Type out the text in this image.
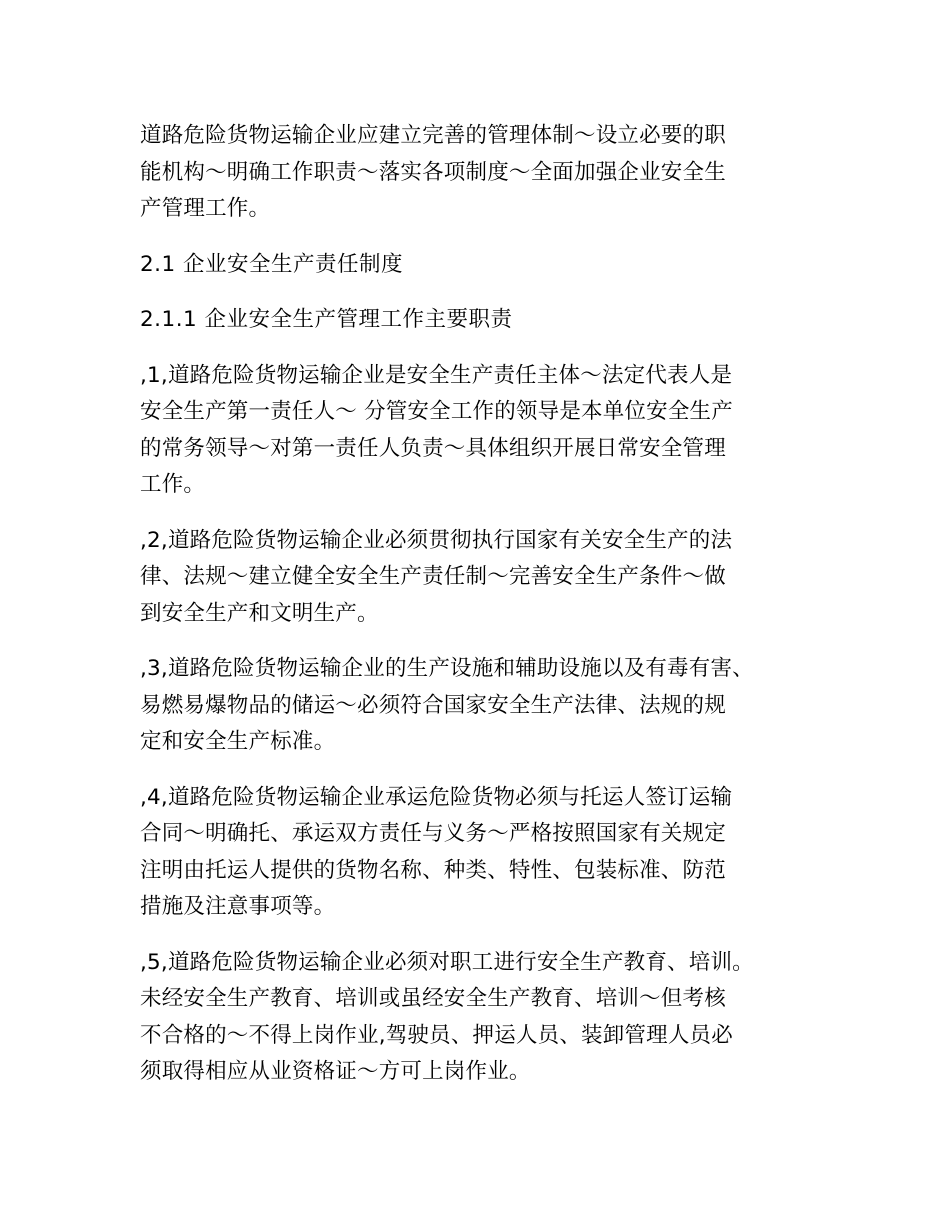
道路危险货物运输企业应建立完善的管理体制～设立必要的职
能机构～明确工作职责～落实各项制度～全面加强企业安全生
产管理工作。

2.1 企业安全生产责任制度

2.1.1 企业安全生产管理工作主要职责

,1,道路危险货物运输企业是安全生产责任主体～法定代表人是
安全生产第一责任人～ 分管安全工作的领导是本单位安全生产
的常务领导～对第一责任人负责～具体组织开展日常安全管理
工作。

,2,道路危险货物运输企业必须贯彻执行国家有关安全生产的法
律、法规～建立健全安全生产责任制～完善安全生产条件～做
到安全生产和文明生产。

,3,道路危险货物运输企业的生产设施和辅助设施以及有毒有害、
易燃易爆物品的储运～必须符合国家安全生产法律、法规的规
定和安全生产标准。

,4,道路危险货物运输企业承运危险货物必须与托运人签订运输
合同～明确托、承运双方责任与义务～严格按照国家有关规定
注明由托运人提供的货物名称、种类、特性、包装标准、防范
措施及注意事项等。

,5,道路危险货物运输企业必须对职工进行安全生产教育、培训。
未经安全生产教育、培训或虽经安全生产教育、培训～但考核
不合格的～不得上岗作业,驾驶员、押运人员、装卸管理人员必
须取得相应从业资格证～方可上岗作业。
